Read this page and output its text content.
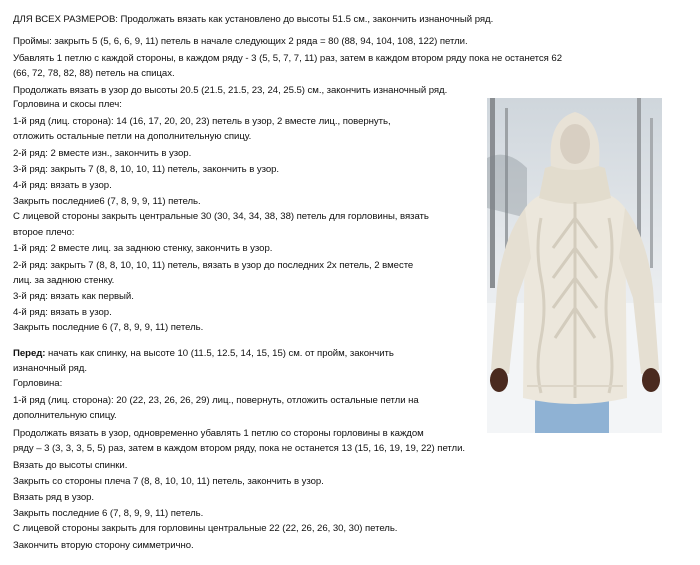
ДЛЯ ВСЕХ РАЗМЕРОВ: Продолжать вязать как установлено до высоты 51.5 см., закончить изнаночный ряд.
Проймы: закрыть 5 (5, 6, 6, 9, 11) петель в начале следующих 2 ряда = 80 (88, 94, 104, 108, 122) петли.
Убавлять 1 петлю с каждой стороны, в каждом ряду - 3 (5, 5, 7, 7, 11) раз, затем в каждом втором ряду пока не останется 62
(66, 72, 78, 82, 88) петель на спицах.
Продолжать вязать в узор до высоты 20.5 (21.5, 21.5, 23, 24, 25.5) см., закончить изнаночный ряд.
Горловина и скосы плеч:
1-й ряд (лиц. сторона): 14 (16, 17, 20, 20, 23) петель в узор, 2 вместе лиц., повернуть,
отложить остальные петли на дополнительную спицу.
2-й ряд: 2 вместе изн., закончить в узор.
3-й ряд: закрыть 7 (8, 8, 10, 10, 11) петель, закончить в узор.
4-й ряд: вязать в узор.
Закрыть последние6 (7, 8, 9, 9, 11) петель.
С лицевой стороны закрыть центральные 30 (30, 34, 34, 38, 38) петель для горловины, вязать
второе плечо:
1-й ряд: 2 вместе лиц. за заднюю стенку, закончить в узор.
2-й ряд: закрыть 7 (8, 8, 10, 10, 11) петель, вязать в узор до последних 2х петель, 2 вместе
лиц. за заднюю стенку.
3-й ряд: вязать как первый.
4-й ряд: вязать в узор.
Закрыть последние 6 (7, 8, 9, 9, 11) петель.
Перед: начать как спинку, на высоте 10 (11.5, 12.5, 14, 15, 15) см. от пройм, закончить
изнаночный ряд.
Горловина:
1-й ряд (лиц. сторона): 20 (22, 23, 26, 26, 29) лиц., повернуть, отложить остальные петли на
дополнительную спицу.
Продолжать вязать в узор, одновременно убавлять 1 петлю со стороны горловины в каждом
ряду – 3 (3, 3, 3, 5, 5) раз, затем в каждом втором ряду, пока не останется 13 (15, 16, 19, 19, 22) петли.
Вязать до высоты спинки.
Закрыть со стороны плеча 7 (8, 8, 10, 10, 11) петель, закончить в узор.
Вязать ряд в узор.
Закрыть последние 6 (7, 8, 9, 9, 11) петель.
С лицевой стороны закрыть для горловины центральные 22 (22, 26, 26, 30, 30) петель.
Закончить вторую сторону симметрично.
